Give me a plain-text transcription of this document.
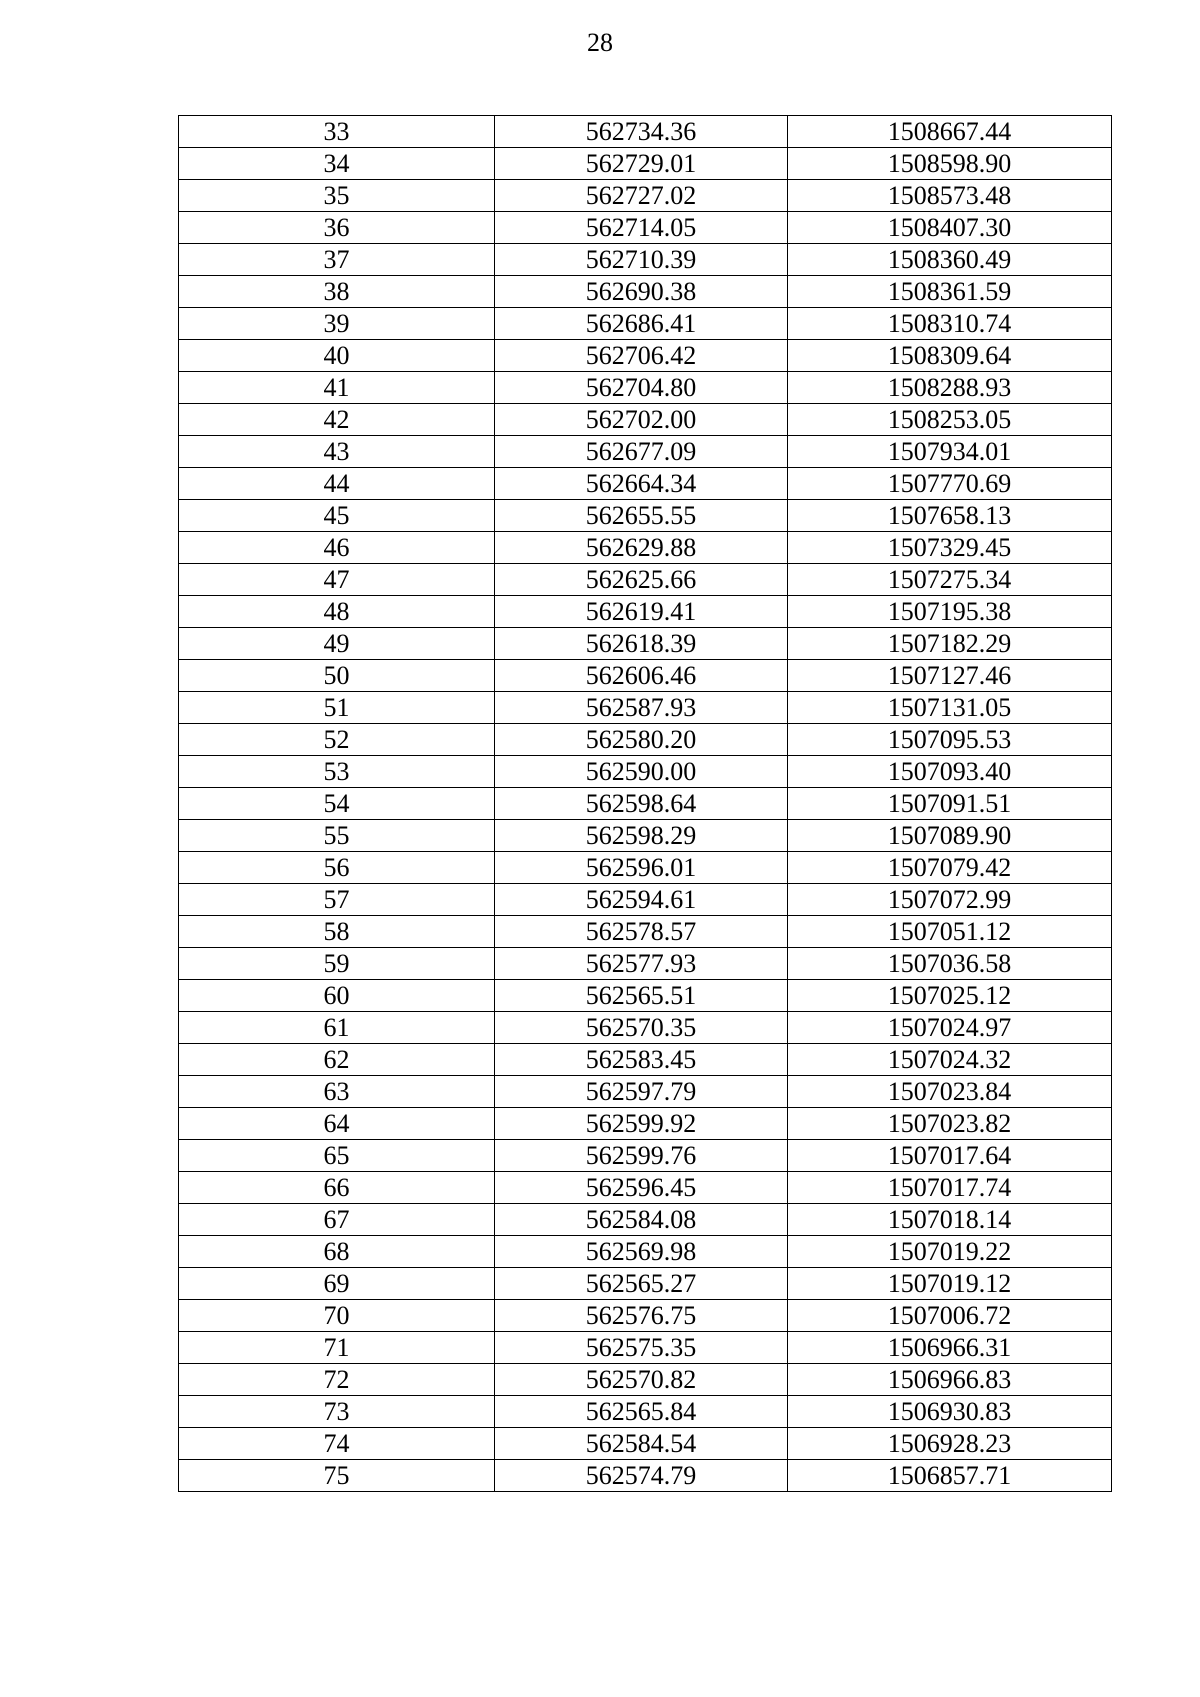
28
33	562734.36	1508667.44
34	562729.01	1508598.90
35	562727.02	1508573.48
36	562714.05	1508407.30
37	562710.39	1508360.49
38	562690.38	1508361.59
39	562686.41	1508310.74
40	562706.42	1508309.64
41	562704.80	1508288.93
42	562702.00	1508253.05
43	562677.09	1507934.01
44	562664.34	1507770.69
45	562655.55	1507658.13
46	562629.88	1507329.45
47	562625.66	1507275.34
48	562619.41	1507195.38
49	562618.39	1507182.29
50	562606.46	1507127.46
51	562587.93	1507131.05
52	562580.20	1507095.53
53	562590.00	1507093.40
54	562598.64	1507091.51
55	562598.29	1507089.90
56	562596.01	1507079.42
57	562594.61	1507072.99
58	562578.57	1507051.12
59	562577.93	1507036.58
60	562565.51	1507025.12
61	562570.35	1507024.97
62	562583.45	1507024.32
63	562597.79	1507023.84
64	562599.92	1507023.82
65	562599.76	1507017.64
66	562596.45	1507017.74
67	562584.08	1507018.14
68	562569.98	1507019.22
69	562565.27	1507019.12
70	562576.75	1507006.72
71	562575.35	1506966.31
72	562570.82	1506966.83
73	562565.84	1506930.83
74	562584.54	1506928.23
75	562574.79	1506857.71
